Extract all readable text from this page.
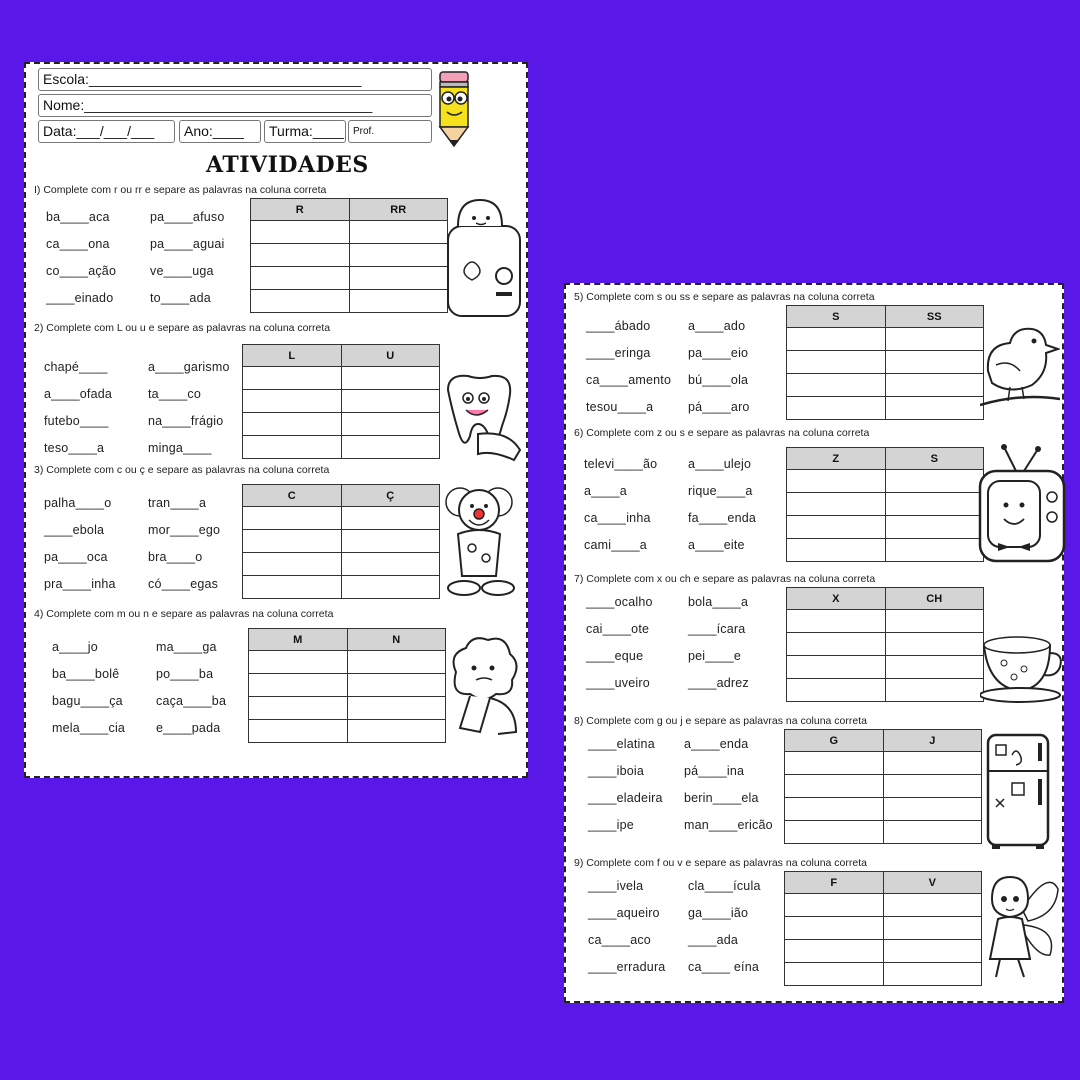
Escola:___________________________________
Nome:_____________________________________
Data:___/___/___	Ano:____	Turma:____ Prof.
ATIVIDADES
I) Complete com r ou rr e separe as palavras na coluna correta
ba____aca
ca____ona
co____ação
____einado
pa____afuso
pa____aguai
ve____uga
to____ada
R	RR

2) Complete com L ou u e separe as palavras na coluna correta
chapé____
a____ofada
futebo____
teso____a
a____garismo
ta____co
na____frágio
minga____
L	U

3) Complete com c ou ç e separe as palavras na coluna correta
palha____o
____ebola
pa____oca
pra____inha
tran____a
mor____ego
bra____o
có____egas
C	Ç

4) Complete com m ou n e separe as palavras na coluna correta
a____jo
ba____bolê
bagu____ça
mela____cia
ma____ga
po____ba
caça____ba
e____pada
M	N

5) Complete com s ou ss e separe as palavras na coluna correta
____ábado
____eringa
ca____amento
tesou____a
a____ado
pa____eio
bú____ola
pá____aro
S	SS

6) Complete com z ou s e separe as palavras na coluna correta
televi____ão
a____a
ca____inha
cami____a
a____ulejo
rique____a
fa____enda
a____eite
Z	S

7) Complete com x ou ch e separe as palavras na coluna correta
____ocalho
cai____ote
____eque
____uveiro
bola____a
____ícara
pei____e
____adrez
X	CH

8) Complete com g ou j e separe as palavras na coluna correta
____elatina
____iboia
____eladeira
____ipe
a____enda
pá____ina
berin____ela
man____ericão
G	J

9) Complete com f ou v e separe as palavras na coluna correta
____ivela
____aqueiro
ca____aco
____erradura
cla____ícula
ga____ião
____ada
ca____ eína
F	V
